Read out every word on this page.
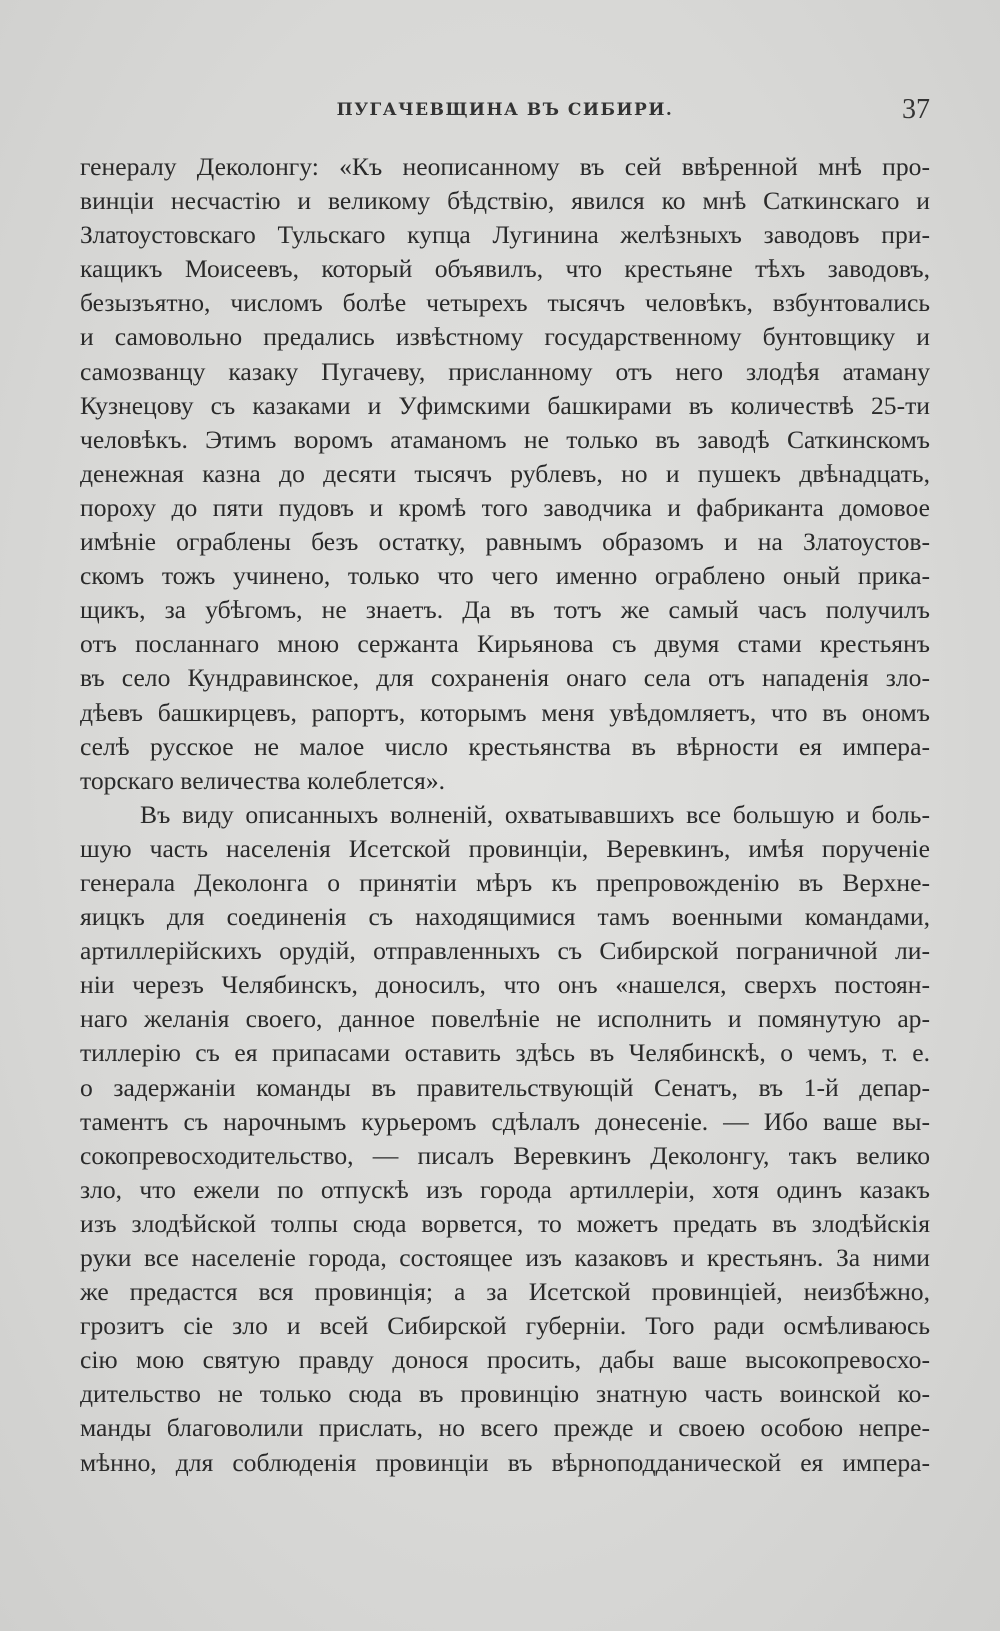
ПУГАЧЕВЩИНА ВЪ СИБИРИ.	37
генералу Деколонгу: «Къ неописанному въ сей ввѣренной мнѣ про-
винціи несчастію и великому бѣдствію, явился ко мнѣ Саткинскаго и
Златоустовскаго Тульскаго купца Лугинина желѣзныхъ заводовъ при-
кащикъ Моисеевъ, который объявилъ, что крестьяне тѣхъ заводовъ,
безызъятно, числомъ болѣе четырехъ тысячъ человѣкъ, взбунтовались
и самовольно предались извѣстному государственному бунтовщику и
самозванцу казаку Пугачеву, присланному отъ него злодѣя атаману
Кузнецову съ казаками и Уфимскими башкирами въ количествѣ 25-ти
человѣкъ. Этимъ воромъ атаманомъ не только въ заводѣ Саткинскомъ
денежная казна до десяти тысячъ рублевъ, но и пушекъ двѣнадцать,
пороху до пяти пудовъ и кромѣ того заводчика и фабриканта домовое
имѣніе ограблены безъ остатку, равнымъ образомъ и на Златоустов-
скомъ тожъ учинено, только что чего именно ограблено оный прика-
щикъ, за убѣгомъ, не знаетъ. Да въ тотъ же самый часъ получилъ
отъ посланнаго мною сержанта Кирьянова съ двумя стами крестьянъ
въ село Кундравинское, для сохраненія онаго села отъ нападенія зло-
дѣевъ башкирцевъ, рапортъ, которымъ меня увѣдомляетъ, что въ ономъ
селѣ русское не малое число крестьянства въ вѣрности ея импера-
торскаго величества колеблется».
Въ виду описанныхъ волненій, охватывавшихъ все большую и боль-
шую часть населенія Исетской провинціи, Веревкинъ, имѣя порученіе
генерала Деколонга о принятіи мѣръ къ препровожденію въ Верхне-
яицкъ для соединенія съ находящимися тамъ военными командами,
артиллерійскихъ орудій, отправленныхъ съ Сибирской пограничной ли-
ніи черезъ Челябинскъ, доносилъ, что онъ «нашелся, сверхъ постоян-
наго желанія своего, данное повелѣніе не исполнить и помянутую ар-
тиллерію съ ея припасами оставить здѣсь въ Челябинскѣ, о чемъ, т. е.
о задержаніи команды въ правительствующій Сенатъ, въ 1-й депар-
таментъ съ нарочнымъ курьеромъ сдѣлалъ донесеніе. — Ибо ваше вы-
сокопревосходительство, — писалъ Веревкинъ Деколонгу, такъ велико
зло, что ежели по отпускѣ изъ города артиллеріи, хотя одинъ казакъ
изъ злодѣйской толпы сюда ворвется, то можетъ предать въ злодѣйскія
руки все населеніе города, состоящее изъ казаковъ и крестьянъ. За ними
же предастся вся провинція; а за Исетской провинціей, неизбѣжно,
грозитъ сіе зло и всей Сибирской губерніи. Того ради осмѣливаюсь
сію мою святую правду донося просить, дабы ваше высокопревосхо-
дительство не только сюда въ провинцію знатную часть воинской ко-
манды благоволили прислать, но всего прежде и своею особою непре-
мѣнно, для соблюденія провинціи въ вѣрноподданической ея импера-
